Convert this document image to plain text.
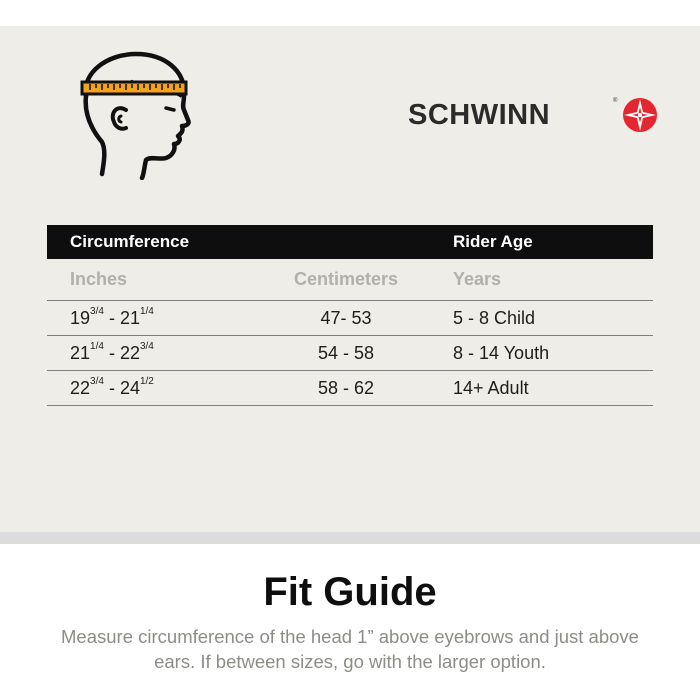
SCHWINN	®
Circumference		Rider Age
Inches	Centimeters	Years
$19^{3/4} - 21^{1/4}$	47- 53	5 - 8 Child
$21^{1/4} - 22^{3/4}$	54 - 58	8 - 14 Youth
$22^{3/4} - 24^{1/2}$	58 - 62	14+ Adult
Fit Guide
Measure circumference of the head 1” above eyebrows and just above ears. If between sizes, go with the larger option.
